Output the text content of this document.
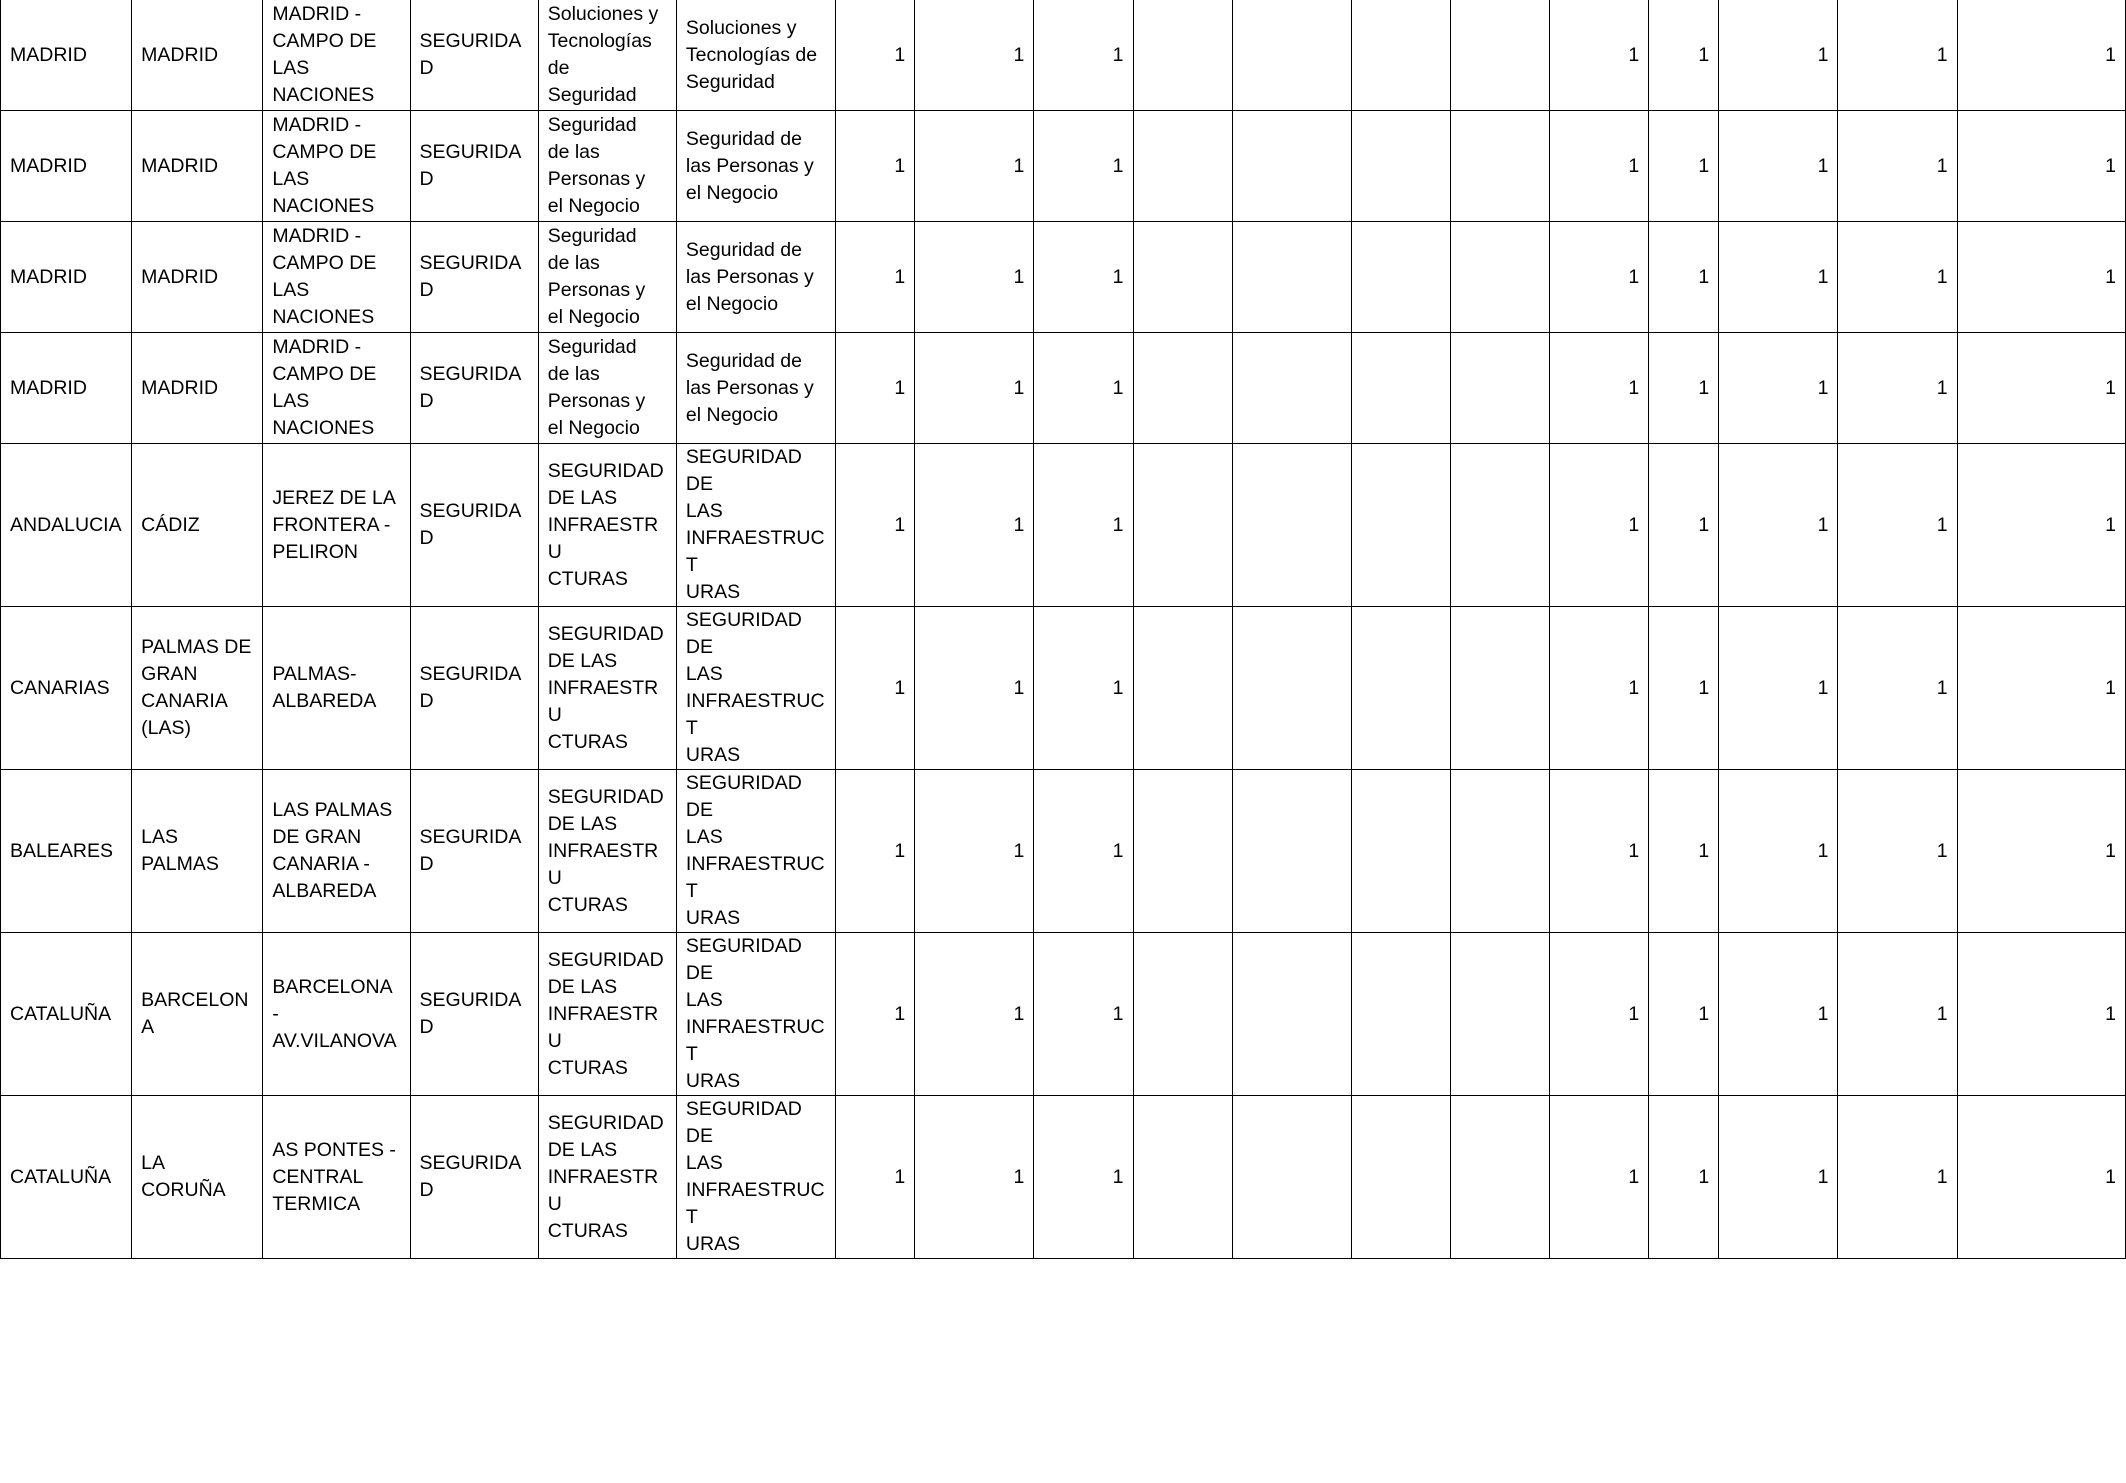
MADRID	MADRID	MADRID -
CAMPO DE
LAS
NACIONES	SEGURIDAD	Soluciones y
Tecnologías
de
Seguridad	Soluciones y
Tecnologías de
Seguridad	1	1	1					1	1	1	1	1
MADRID	MADRID	MADRID -
CAMPO DE
LAS
NACIONES	SEGURIDAD	Seguridad
de las
Personas y
el Negocio	Seguridad de
las Personas y
el Negocio	1	1	1					1	1	1	1	1
MADRID	MADRID	MADRID -
CAMPO DE
LAS
NACIONES	SEGURIDAD	Seguridad
de las
Personas y
el Negocio	Seguridad de
las Personas y
el Negocio	1	1	1					1	1	1	1	1
MADRID	MADRID	MADRID -
CAMPO DE
LAS
NACIONES	SEGURIDAD	Seguridad
de las
Personas y
el Negocio	Seguridad de
las Personas y
el Negocio	1	1	1					1	1	1	1	1
ANDALUCIA	CÁDIZ	JEREZ DE LA
FRONTERA -
PELIRON	SEGURIDAD	SEGURIDAD
DE LAS
INFRAESTRU
CTURAS	SEGURIDAD DE
LAS
INFRAESTRUCT
URAS	1	1	1					1	1	1	1	1
CANARIAS	PALMAS DE
GRAN
CANARIA
(LAS)	PALMAS-
ALBAREDA	SEGURIDAD	SEGURIDAD
DE LAS
INFRAESTRU
CTURAS	SEGURIDAD DE
LAS
INFRAESTRUCT
URAS	1	1	1					1	1	1	1	1
BALEARES	LAS
PALMAS	LAS PALMAS
DE GRAN
CANARIA -
ALBAREDA	SEGURIDAD	SEGURIDAD
DE LAS
INFRAESTRU
CTURAS	SEGURIDAD DE
LAS
INFRAESTRUCT
URAS	1	1	1					1	1	1	1	1
CATALUÑA	BARCELONA	BARCELONA -
AV.VILANOVA	SEGURIDAD	SEGURIDAD
DE LAS
INFRAESTRU
CTURAS	SEGURIDAD DE
LAS
INFRAESTRUCT
URAS	1	1	1					1	1	1	1	1
CATALUÑA	LA CORUÑA	AS PONTES -
CENTRAL
TERMICA	SEGURIDAD	SEGURIDAD
DE LAS
INFRAESTRU
CTURAS	SEGURIDAD DE
LAS
INFRAESTRUCT
URAS	1	1	1					1	1	1	1	1
